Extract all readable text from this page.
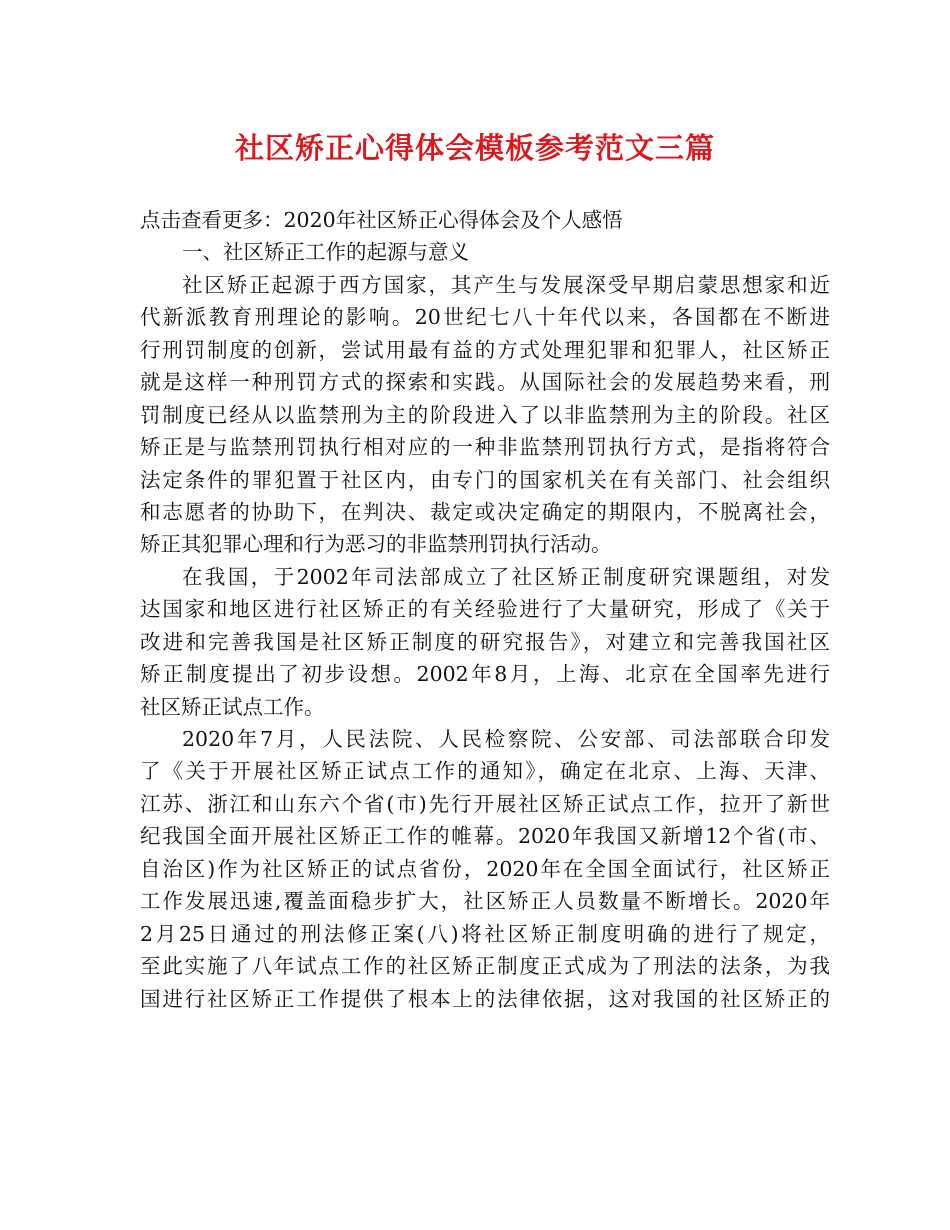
社区矫正心得体会模板参考范文三篇

点击查看更多：2020年社区矫正心得体会及个人感悟

一、社区矫正工作的起源与意义

社区矫正起源于西方国家，其产生与发展深受早期启蒙思想家和近

代新派教育刑理论的影响。20世纪七八十年代以来，各国都在不断进

行刑罚制度的创新，尝试用最有益的方式处理犯罪和犯罪人，社区矫正

就是这样一种刑罚方式的探索和实践。从国际社会的发展趋势来看，刑

罚制度已经从以监禁刑为主的阶段进入了以非监禁刑为主的阶段。社区

矫正是与监禁刑罚执行相对应的一种非监禁刑罚执行方式，是指将符合

法定条件的罪犯置于社区内，由专门的国家机关在有关部门、社会组织

和志愿者的协助下，在判决、裁定或决定确定的期限内，不脱离社会，

矫正其犯罪心理和行为恶习的非监禁刑罚执行活动。

在我国，于2002年司法部成立了社区矫正制度研究课题组，对发

达国家和地区进行社区矫正的有关经验进行了大量研究，形成了《关于

改进和完善我国是社区矫正制度的研究报告》，对建立和完善我国社区

矫正制度提出了初步设想。2002年8月，上海、北京在全国率先进行

社区矫正试点工作。

2020年7月，人民法院、人民检察院、公安部、司法部联合印发

了《关于开展社区矫正试点工作的通知》，确定在北京、上海、天津、

江苏、浙江和山东六个省(市)先行开展社区矫正试点工作，拉开了新世

纪我国全面开展社区矫正工作的帷幕。2020年我国又新增12个省(市、

自治区)作为社区矫正的试点省份，2020年在全国全面试行，社区矫正

工作发展迅速,覆盖面稳步扩大，社区矫正人员数量不断增长。2020年

2月25日通过的刑法修正案(八)将社区矫正制度明确的进行了规定，

至此实施了八年试点工作的社区矫正制度正式成为了刑法的法条，为我

国进行社区矫正工作提供了根本上的法律依据，这对我国的社区矫正的
